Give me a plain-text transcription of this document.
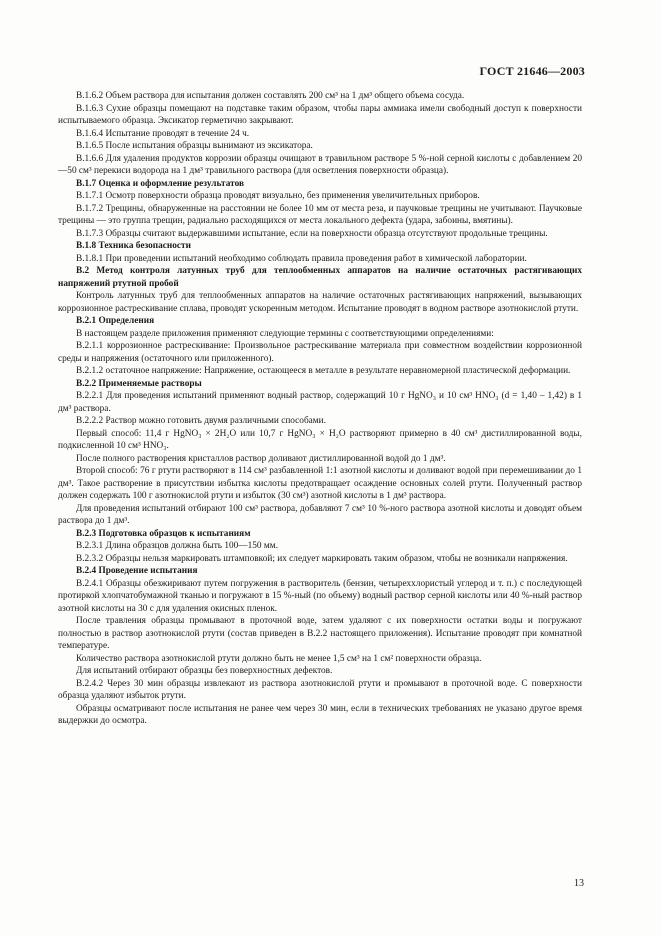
ГОСТ 21646—2003

В.1.6.2 Объем раствора для испытания должен составлять 200 см³ на 1 дм³ общего объема сосуда.

В.1.6.3 Сухие образцы помещают на подставке таким образом, чтобы пары аммиака имели свободный доступ к поверхности испытываемого образца. Эксикатор герметично закрывают.

В.1.6.4 Испытание проводят в течение 24 ч.

В.1.6.5 После испытания образцы вынимают из эксикатора.

В.1.6.6 Для удаления продуктов коррозии образцы очищают в травильном растворе 5 %-ной серной кислоты с добавлением 20—50 см³ перекиси водорода на 1 дм³ травильного раствора (для осветления поверхности образца).

В.1.7 Оценка и оформление результатов

В.1.7.1 Осмотр поверхности образца проводят визуально, без применения увеличительных приборов.

В.1.7.2 Трещины, обнаруженные на расстоянии не более 10 мм от места реза, и паучковые трещины не учитывают. Паучковые трещины — это группа трещин, радиально расходящихся от места локального дефекта (удара, забоины, вмятины).

В.1.7.3 Образцы считают выдержавшими испытание, если на поверхности образца отсутствуют продольные трещины.

В.1.8 Техника безопасности

В.1.8.1 При проведении испытаний необходимо соблюдать правила проведения работ в химической лаборатории.

В.2 Метод контроля латунных труб для теплообменных аппаратов на наличие остаточных растягивающих напряжений ртутной пробой

Контроль латунных труб для теплообменных аппаратов на наличие остаточных растягивающих напряжений, вызывающих коррозионное растрескивание сплава, проводят ускоренным методом. Испытание проводят в водном растворе азотнокислой ртути.

В.2.1 Определения

В настоящем разделе приложения применяют следующие термины с соответствующими определениями:

В.2.1.1 коррозионное растрескивание: Произвольное растрескивание материала при совместном воздействии коррозионной среды и напряжения (остаточного или приложенного).

В.2.1.2 остаточное напряжение: Напряжение, остающееся в металле в результате неравномерной пластической деформации.

В.2.2 Применяемые растворы

В.2.2.1 Для проведения испытаний применяют водный раствор, содержащий 10 г HgNO₃ и 10 см³ HNO₃ (d = 1,40 – 1,42) в 1 дм³ раствора.

В.2.2.2 Раствор можно готовить двумя различными способами.

Первый способ: 11,4 г HgNO₃ × 2H₂O или 10,7 г HgNO₃ × H₂O растворяют примерно в 40 см³ дистиллированной воды, подкисленной 10 см³ HNO₃.

После полного растворения кристаллов раствор доливают дистиллированной водой до 1 дм³.

Второй способ: 76 г ртути растворяют в 114 см³ разбавленной 1:1 азотной кислоты и доливают водой при перемешивании до 1 дм³. Такое растворение в присутствии избытка кислоты предотвращает осаждение основных солей ртути. Полученный раствор должен содержать 100 г азотнокислой ртути и избыток (30 см³) азотной кислоты в 1 дм³ раствора.

Для проведения испытаний отбирают 100 см³ раствора, добавляют 7 см³ 10 %-ного раствора азотной кислоты и доводят объем раствора до 1 дм³.

В.2.3 Подготовка образцов к испытаниям

В.2.3.1 Длина образцов должна быть 100—150 мм.

В.2.3.2 Образцы нельзя маркировать штамповкой; их следует маркировать таким образом, чтобы не возникали напряжения.

В.2.4 Проведение испытания

В.2.4.1 Образцы обезжиривают путем погружения в растворитель (бензин, четыреххлористый углерод и т. п.) с последующей протиркой хлопчатобумажной тканью и погружают в 15 %-ный (по объему) водный раствор серной кислоты или 40 %-ный раствор азотной кислоты на 30 с для удаления окисных пленок.

После травления образцы промывают в проточной воде, затем удаляют с их поверхности остатки воды и погружают полностью в раствор азотнокислой ртути (состав приведен в В.2.2 настоящего приложения). Испытание проводят при комнатной температуре.

Количество раствора азотнокислой ртути должно быть не менее 1,5 см³ на 1 см² поверхности образца.

Для испытаний отбирают образцы без поверхностных дефектов.

В.2.4.2 Через 30 мин образцы извлекают из раствора азотнокислой ртути и промывают в проточной воде. С поверхности образца удаляют избыток ртути.

Образцы осматривают после испытания не ранее чем через 30 мин, если в технических требованиях не указано другое время выдержки до осмотра.

13
